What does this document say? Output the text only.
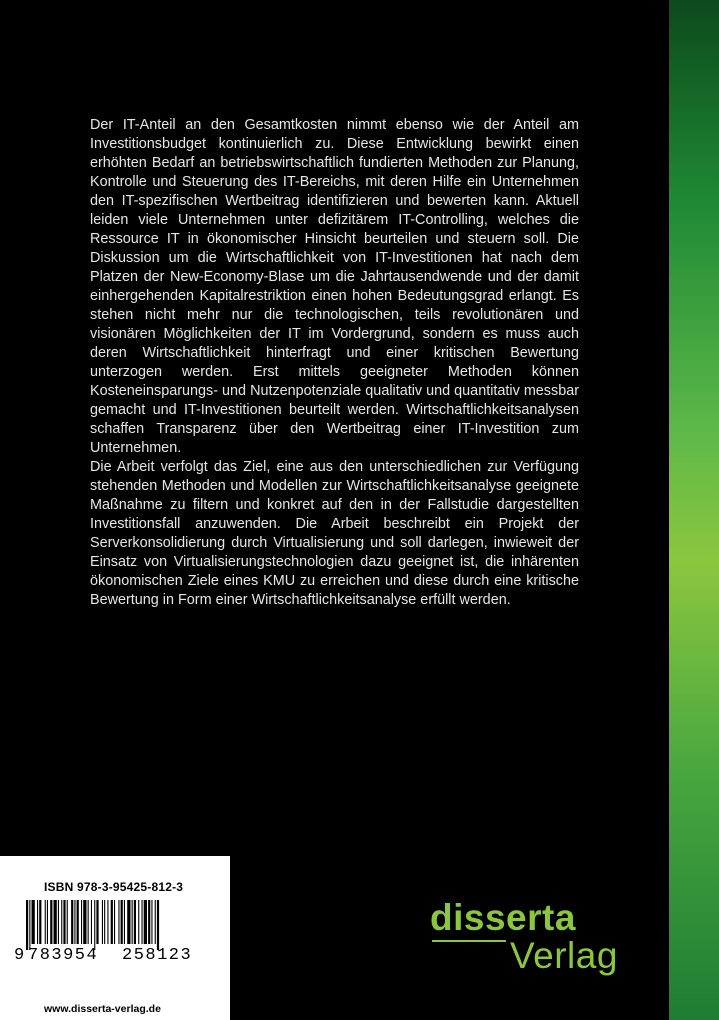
Der IT-Anteil an den Gesamtkosten nimmt ebenso wie der Anteil am Investitionsbudget kontinuierlich zu. Diese Entwicklung bewirkt einen erhöhten Bedarf an betriebswirtschaftlich fundierten Methoden zur Planung, Kontrolle und Steuerung des IT-Bereichs, mit deren Hilfe ein Unternehmen den IT-spezifischen Wertbeitrag identifizieren und bewerten kann. Aktuell leiden viele Unternehmen unter defizitärem IT-Controlling, welches die Ressource IT in ökonomischer Hinsicht beurteilen und steuern soll. Die Diskussion um die Wirtschaftlichkeit von IT-Investitionen hat nach dem Platzen der New-Economy-Blase um die Jahrtausendwende und der damit einhergehenden Kapitalrestriktion einen hohen Bedeutungsgrad erlangt. Es stehen nicht mehr nur die technologischen, teils revolutionären und visionären Möglichkeiten der IT im Vordergrund, sondern es muss auch deren Wirtschaftlichkeit hinterfragt und einer kritischen Bewertung unterzogen werden. Erst mittels geeigneter Methoden können Kosteneinsparungs- und Nutzenpotenziale qualitativ und quantitativ messbar gemacht und IT-Investitionen beurteilt werden. Wirtschaftlichkeitsanalysen schaffen Transparenz über den Wertbeitrag einer IT-Investition zum Unternehmen.

Die Arbeit verfolgt das Ziel, eine aus den unterschiedlichen zur Verfügung stehenden Methoden und Modellen zur Wirtschaftlichkeitsanalyse geeignete Maßnahme zu filtern und konkret auf den in der Fallstudie dargestellten Investitionsfall anzuwenden. Die Arbeit beschreibt ein Projekt der Serverkonsolidierung durch Virtualisierung und soll darlegen, inwieweit der Einsatz von Virtualisierungstechnologien dazu geeignet ist, die inhärenten ökonomischen Ziele eines KMU zu erreichen und diese durch eine kritische Bewertung in Form einer Wirtschaftlichkeitsanalyse erfüllt werden.

ISBN 978-3-95425-812-3
9 783954 258123
www.disserta-verlag.de
disserta
Verlag
